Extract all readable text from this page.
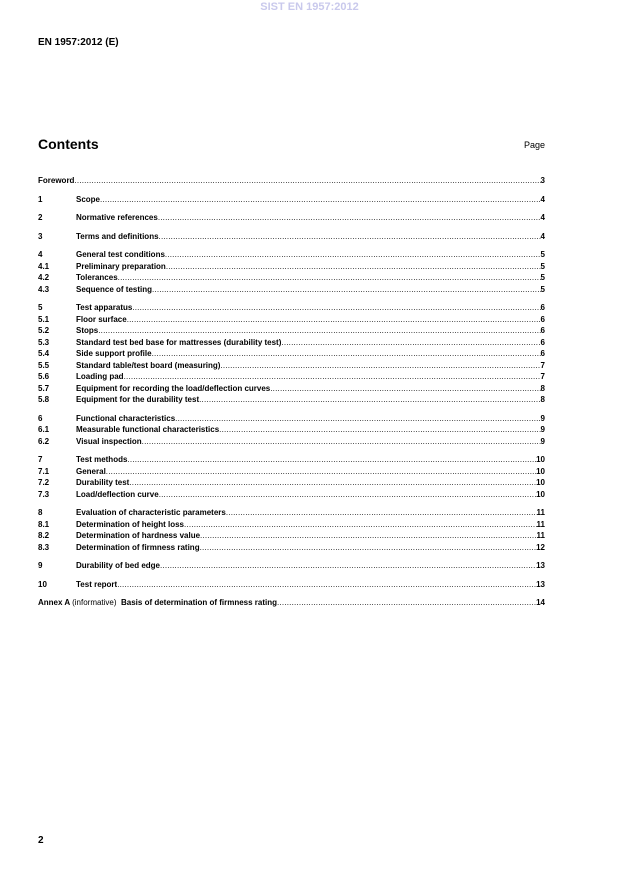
SIST EN 1957:2012
EN 1957:2012 (E)
Contents	Page
Foreword .....	3
1	Scope .....	4
2	Normative references .....	4
3	Terms and definitions .....	4
4	General test conditions .....	5
4.1	Preliminary preparation .....	5
4.2	Tolerances .....	5
4.3	Sequence of testing .....	5
5	Test apparatus .....	6
5.1	Floor surface .....	6
5.2	Stops .....	6
5.3	Standard test bed base for mattresses (durability test) .....	6
5.4	Side support profile .....	6
5.5	Standard table/test board (measuring) .....	7
5.6	Loading pad .....	7
5.7	Equipment for recording the load/deflection curves .....	8
5.8	Equipment for the durability test .....	8
6	Functional characteristics .....	9
6.1	Measurable functional characteristics .....	9
6.2	Visual inspection .....	9
7	Test methods .....	10
7.1	General .....	10
7.2	Durability test .....	10
7.3	Load/deflection curve .....	10
8	Evaluation of characteristic parameters .....	11
8.1	Determination of height loss .....	11
8.2	Determination of hardness value .....	11
8.3	Determination of firmness rating .....	12
9	Durability of bed edge .....	13
10	Test report .....	13
Annex A (informative) Basis of determination of firmness rating .....	14
2
